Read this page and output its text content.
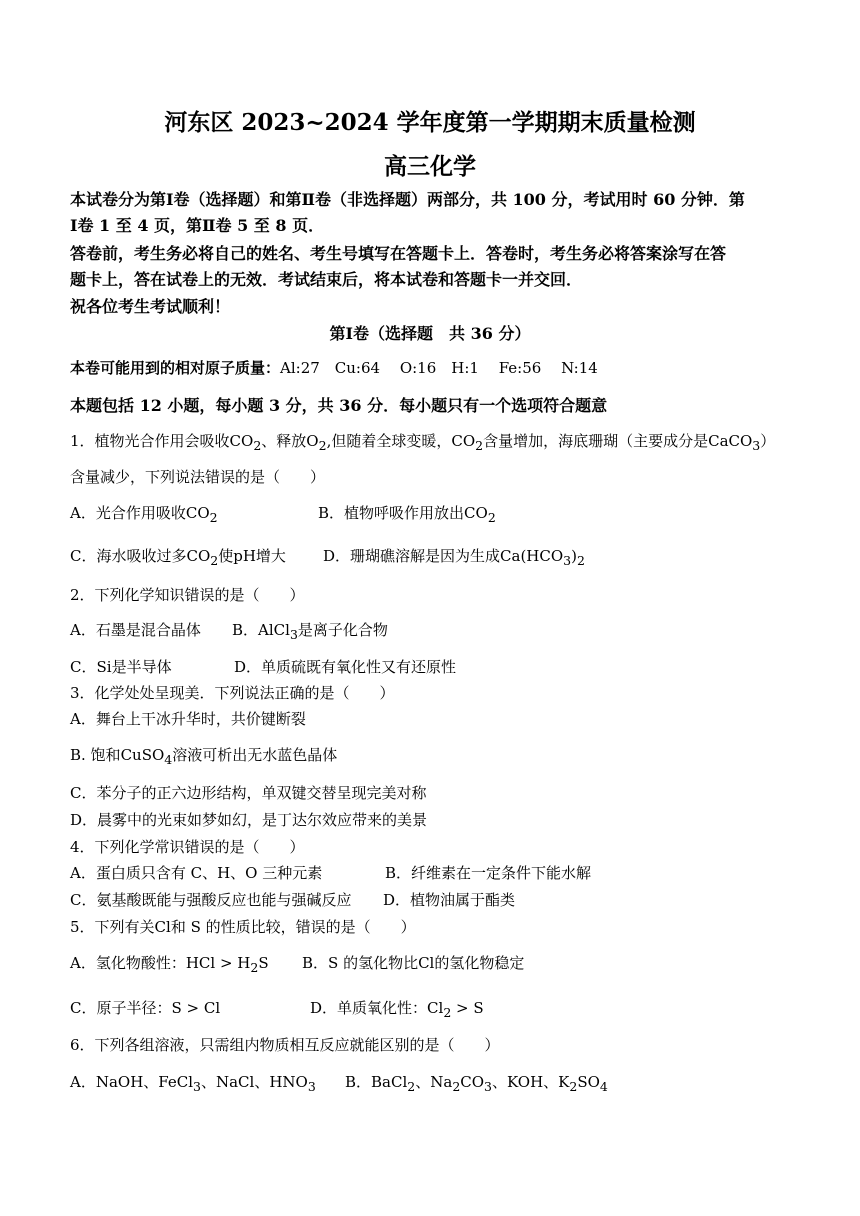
河东区 2023~2024 学年度第一学期期末质量检测
高三化学
本试卷分为第Ⅰ卷（选择题）和第Ⅱ卷（非选择题）两部分，共 100 分，考试用时 60 分钟．第
Ⅰ卷 1 至 4 页，第Ⅱ卷 5 至 8 页．
答卷前，考生务必将自己的姓名、考生号填写在答题卡上．答卷时，考生务必将答案涂写在答
题卡上，答在试卷上的无效．考试结束后，将本试卷和答题卡一并交回．
祝各位考生考试顺利！
第Ⅰ卷（选择题　共 36 分）
本卷可能用到的相对原子质量：Al:27　Cu:64　 O:16　H:1　 Fe:56　 N:14
本题包括 12 小题，每小题 3 分，共 36 分．每小题只有一个选项符合题意
1．植物光合作用会吸收$CO_2$、释放$O_2$,但随着全球变暖，$CO_2$含量增加，海底珊瑚（主要成分是CaCO$_3$）
含量减少，下列说法错误的是（　　）
A．光合作用吸收$CO_2$	B．植物呼吸作用放出$CO_2$
C．海水吸收过多$CO_2$使pH增大 D．珊瑚礁溶解是因为生成$Ca(HCO_3)_2$
2．下列化学知识错误的是（　　）
A．石墨是混合晶体 B．AlCl$_3$是离子化合物
C．Si是半导体	D．单质硫既有氧化性又有还原性
3．化学处处呈现美．下列说法正确的是（　　）
A．舞台上干冰升华时，共价键断裂
B. 饱和CuSO$_4$溶液可析出无水蓝色晶体
C．苯分子的正六边形结构，单双键交替呈现完美对称
D．晨雾中的光束如梦如幻，是丁达尔效应带来的美景
4．下列化学常识错误的是（　　）
A．蛋白质只含有 C、H、O 三种元素	B．纤维素在一定条件下能水解
C．氨基酸既能与强酸反应也能与强碱反应 D．植物油属于酯类
5．下列有关Cl和 S 的性质比较，错误的是（　　）
A．氢化物酸性：HCl > $H_2S$ B．S 的氢化物比Cl的氢化物稳定
C．原子半径：S > Cl	D．单质氧化性：$Cl_2 > S$
6．下列各组溶液，只需组内物质相互反应就能区别的是（　　）
A．NaOH、FeCl$_3$、NaCl、$HNO_3$ B．BaCl$_2$、$Na_2CO_3$、KOH、$K_2SO_4$
